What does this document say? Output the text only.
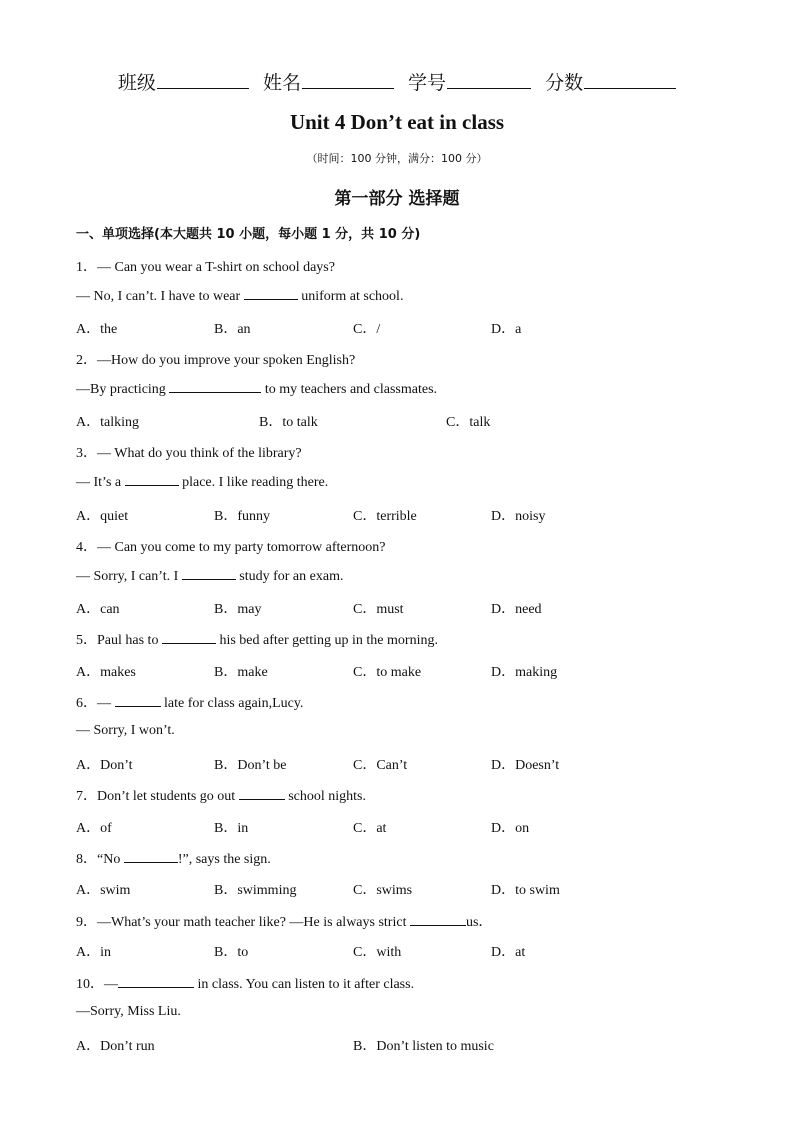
班级	姓名	学号	分数
Unit 4 Don’t eat in class
（时间：100 分钟，满分：100 分）
第一部分 选择题
一、单项选择(本大题共 10 小题，每小题 1 分，共 10 分)
1．— Can you wear a T-shirt on school days?
— No, I can’t. I have to wear	uniform at school.
A．the	B．an	C．/	D．a
2．—How do you improve your spoken English?
—By practicing	to my teachers and classmates.
A．talking	B．to talk	C．talk
3．— What do you think of the library?
— It’s a	place. I like reading there.
A．quiet	B．funny	C．terrible	D．noisy
4．— Can you come to my party tomorrow afternoon?
— Sorry, I can’t. I	study for an exam.
A．can	B．may	C．must	D．need
5．Paul has to	his bed after getting up in the morning.
A．makes	B．make	C．to make	D．making
6．—	late for class again,Lucy.
— Sorry, I won’t.
A．Don’t	B．Don’t be	C．Can’t	D．Doesn’t
7．Don’t let students go out	school nights.
A．of	B．in	C．at	D．on
8．“No	!”, says the sign.
A．swim	B．swimming	C．swims	D．to swim
9．—What’s your math teacher like? —He is always strict	us．
A．in	B．to	C．with	D．at
10．—	in class. You can listen to it after class.
—Sorry, Miss Liu.
A．Don’t run	B．Don’t listen to music
